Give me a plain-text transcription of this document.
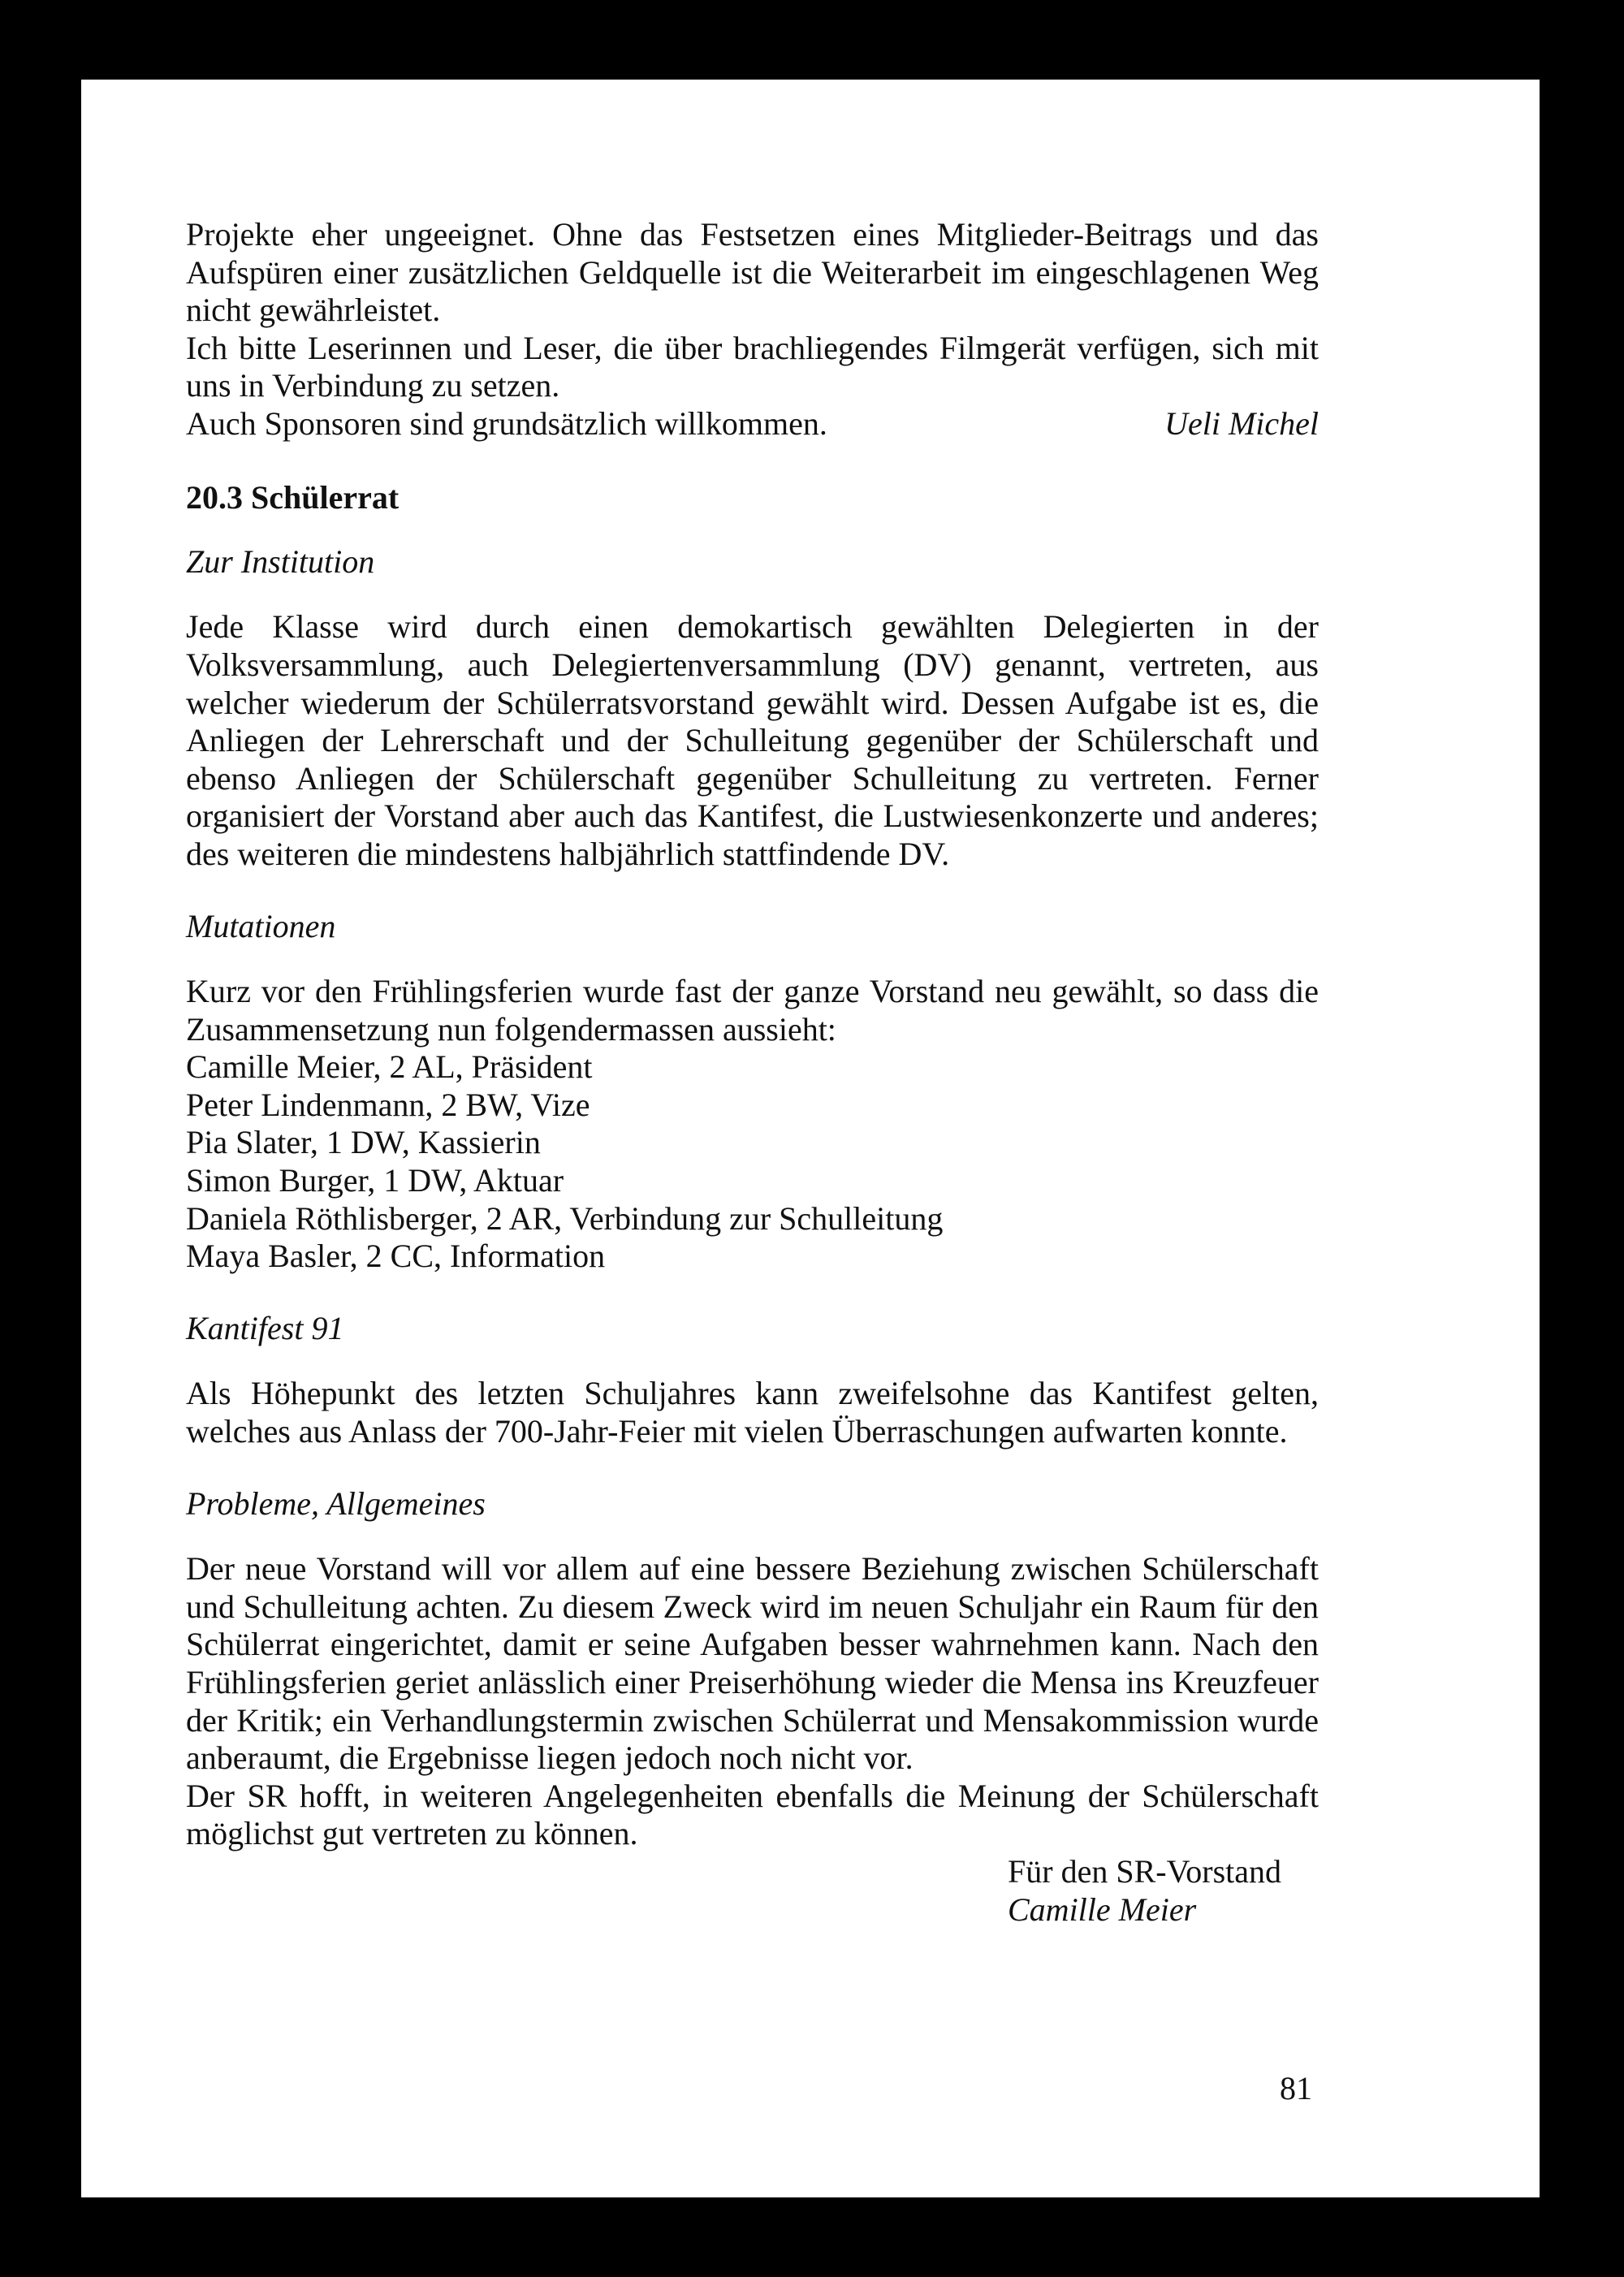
Projekte eher ungeeignet. Ohne das Festsetzen eines Mitglieder-Beitrags und das Aufspüren einer zusätzlichen Geldquelle ist die Weiterarbeit im eingeschlagenen Weg nicht gewährleistet.

Ich bitte Leserinnen und Leser, die über brachliegendes Filmgerät verfügen, sich mit uns in Verbindung zu setzen.

Auch Sponsoren sind grundsätzlich willkommen.	Ueli Michel
20.3 Schülerrat

Zur Institution

Jede Klasse wird durch einen demokartisch gewählten Delegierten in der Volksversammlung, auch Delegiertenversammlung (DV) genannt, vertreten, aus welcher wiederum der Schülerratsvorstand gewählt wird. Dessen Aufgabe ist es, die Anliegen der Lehrerschaft und der Schulleitung gegenüber der Schülerschaft und ebenso Anliegen der Schülerschaft gegenüber Schulleitung zu vertreten. Ferner organisiert der Vorstand aber auch das Kantifest, die Lustwiesenkonzerte und anderes; des weiteren die mindestens halbjährlich stattfindende DV.

Mutationen

Kurz vor den Frühlingsferien wurde fast der ganze Vorstand neu gewählt, so dass die Zusammensetzung nun folgendermassen aussieht:

Camille Meier, 2 AL, Präsident
Peter Lindenmann, 2 BW, Vize
Pia Slater, 1 DW, Kassierin
Simon Burger, 1 DW, Aktuar
Daniela Röthlisberger, 2 AR, Verbindung zur Schulleitung
Maya Basler, 2 CC, Information

Kantifest 91

Als Höhepunkt des letzten Schuljahres kann zweifelsohne das Kantifest gelten, welches aus Anlass der 700-Jahr-Feier mit vielen Überraschungen aufwarten konnte.

Probleme, Allgemeines

Der neue Vorstand will vor allem auf eine bessere Beziehung zwischen Schülerschaft und Schulleitung achten. Zu diesem Zweck wird im neuen Schuljahr ein Raum für den Schülerrat eingerichtet, damit er seine Aufgaben besser wahrnehmen kann. Nach den Frühlingsferien geriet anlässlich einer Preiserhöhung wieder die Mensa ins Kreuzfeuer der Kritik; ein Verhandlungstermin zwischen Schülerrat und Mensakommission wurde anberaumt, die Ergebnisse liegen jedoch noch nicht vor.

Der SR hofft, in weiteren Angelegenheiten ebenfalls die Meinung der Schülerschaft möglichst gut vertreten zu können.

Für den SR-Vorstand
Camille Meier
81
